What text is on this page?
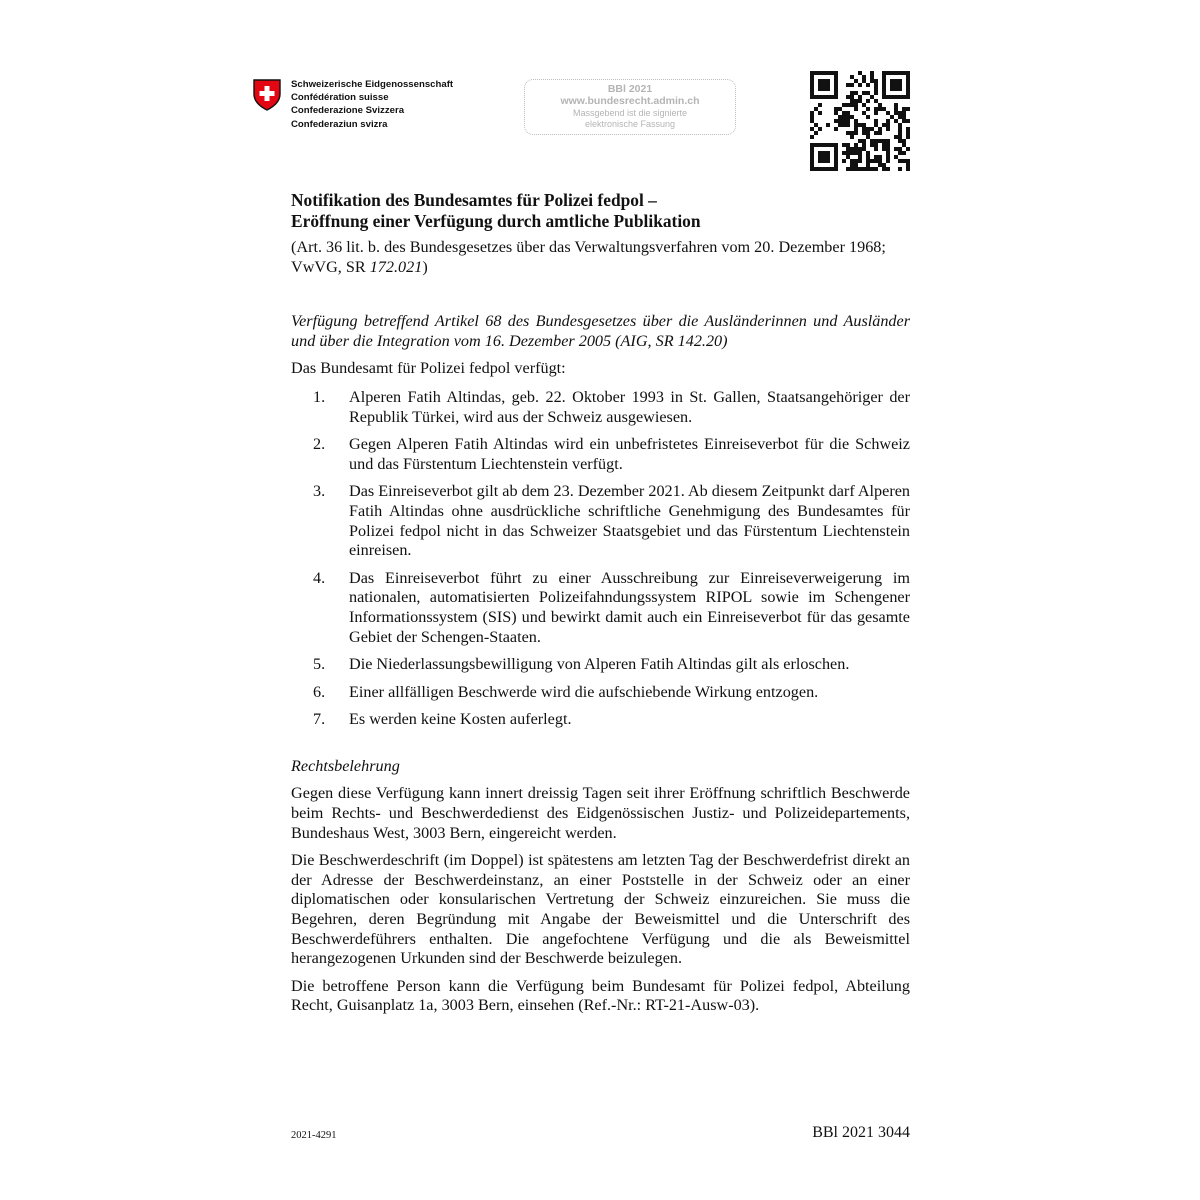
Schweizerische Eidgenossenschaft
Confédération suisse
Confederazione Svizzera
Confederaziun svizra
BBl 2021
www.bundesrecht.admin.ch
Massgebend ist die signierte
elektronische Fassung
Notifikation des Bundesamtes für Polizei fedpol –
Eröffnung einer Verfügung durch amtliche Publikation

(Art. 36 lit. b. des Bundesgesetzes über das Verwaltungsverfahren vom 20. Dezember 1968; VwVG, SR 172.021)

Verfügung betreffend Artikel 68 des Bundesgesetzes über die Ausländerinnen und Ausländer und über die Integration vom 16. Dezember 2005 (AIG, SR 142.20)

Das Bundesamt für Polizei fedpol verfügt:

1. Alperen Fatih Altindas, geb. 22. Oktober 1993 in St. Gallen, Staatsangehöriger der Republik Türkei, wird aus der Schweiz ausgewiesen.
2. Gegen Alperen Fatih Altindas wird ein unbefristetes Einreiseverbot für die Schweiz und das Fürstentum Liechtenstein verfügt.
3. Das Einreiseverbot gilt ab dem 23. Dezember 2021. Ab diesem Zeitpunkt darf Alperen Fatih Altindas ohne ausdrückliche schriftliche Genehmigung des Bundesamtes für Polizei fedpol nicht in das Schweizer Staatsgebiet und das Fürstentum Liechtenstein einreisen.
4. Das Einreiseverbot führt zu einer Ausschreibung zur Einreiseverweigerung im nationalen, automatisierten Polizeifahndungssystem RIPOL sowie im Schengener Informationssystem (SIS) und bewirkt damit auch ein Einreiseverbot für das gesamte Gebiet der Schengen-Staaten.
5. Die Niederlassungsbewilligung von Alperen Fatih Altindas gilt als erloschen.
6. Einer allfälligen Beschwerde wird die aufschiebende Wirkung entzogen.
7. Es werden keine Kosten auferlegt.

Rechtsbelehrung

Gegen diese Verfügung kann innert dreissig Tagen seit ihrer Eröffnung schriftlich Beschwerde beim Rechts- und Beschwerdedienst des Eidgenössischen Justiz- und Polizeidepartements, Bundeshaus West, 3003 Bern, eingereicht werden.

Die Beschwerdeschrift (im Doppel) ist spätestens am letzten Tag der Beschwerdefrist direkt an der Adresse der Beschwerdeinstanz, an einer Poststelle in der Schweiz oder an einer diplomatischen oder konsularischen Vertretung der Schweiz einzureichen. Sie muss die Begehren, deren Begründung mit Angabe der Beweismittel und die Unterschrift des Beschwerdeführers enthalten. Die angefochtene Verfügung und die als Beweismittel herangezogenen Urkunden sind der Beschwerde beizulegen.

Die betroffene Person kann die Verfügung beim Bundesamt für Polizei fedpol, Abteilung Recht, Guisanplatz 1a, 3003 Bern, einsehen (Ref.-Nr.: RT-21-Ausw-03).

2021-4291	BBl 2021 3044
